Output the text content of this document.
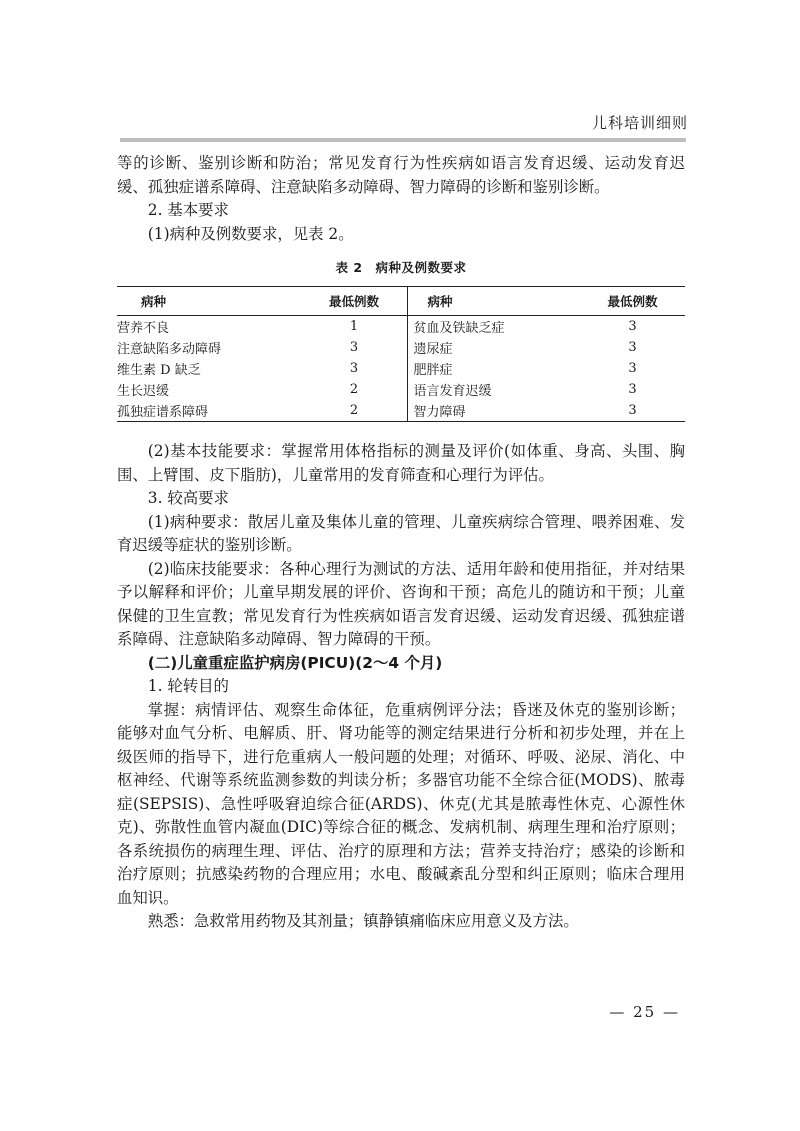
儿科培训细则

等的诊断、鉴别诊断和防治；常见发育行为性疾病如语言发育迟缓、运动发育迟缓、孤独症谱系障碍、注意缺陷多动障碍、智力障碍的诊断和鉴别诊断。

2. 基本要求

(1)病种及例数要求，见表 2。

表 2　病种及例数要求
病种	最低例数	病种	最低例数
营养不良	1	贫血及铁缺乏症	3
注意缺陷多动障碍	3	遗尿症	3
维生素 D 缺乏	3	肥胖症	3
生长迟缓	2	语言发育迟缓	3
孤独症谱系障碍	2	智力障碍	3

(2)基本技能要求：掌握常用体格指标的测量及评价(如体重、身高、头围、胸围、上臂围、皮下脂肪)，儿童常用的发育筛查和心理行为评估。

3. 较高要求

(1)病种要求：散居儿童及集体儿童的管理、儿童疾病综合管理、喂养困难、发育迟缓等症状的鉴别诊断。

(2)临床技能要求：各种心理行为测试的方法、适用年龄和使用指征，并对结果予以解释和评价；儿童早期发展的评价、咨询和干预；高危儿的随访和干预；儿童保健的卫生宣教；常见发育行为性疾病如语言发育迟缓、运动发育迟缓、孤独症谱系障碍、注意缺陷多动障碍、智力障碍的干预。

(二)儿童重症监护病房(PICU)(2～4 个月)

1. 轮转目的

掌握：病情评估、观察生命体征，危重病例评分法；昏迷及休克的鉴别诊断；能够对血气分析、电解质、肝、肾功能等的测定结果进行分析和初步处理，并在上级医师的指导下，进行危重病人一般问题的处理；对循环、呼吸、泌尿、消化、中枢神经、代谢等系统监测参数的判读分析；多器官功能不全综合征(MODS)、脓毒症(SEPSIS)、急性呼吸窘迫综合征(ARDS)、休克(尤其是脓毒性休克、心源性休克)、弥散性血管内凝血(DIC)等综合征的概念、发病机制、病理生理和治疗原则；各系统损伤的病理生理、评估、治疗的原理和方法；营养支持治疗；感染的诊断和治疗原则；抗感染药物的合理应用；水电、酸碱紊乱分型和纠正原则；临床合理用血知识。

熟悉：急救常用药物及其剂量；镇静镇痛临床应用意义及方法。

— 25 —
